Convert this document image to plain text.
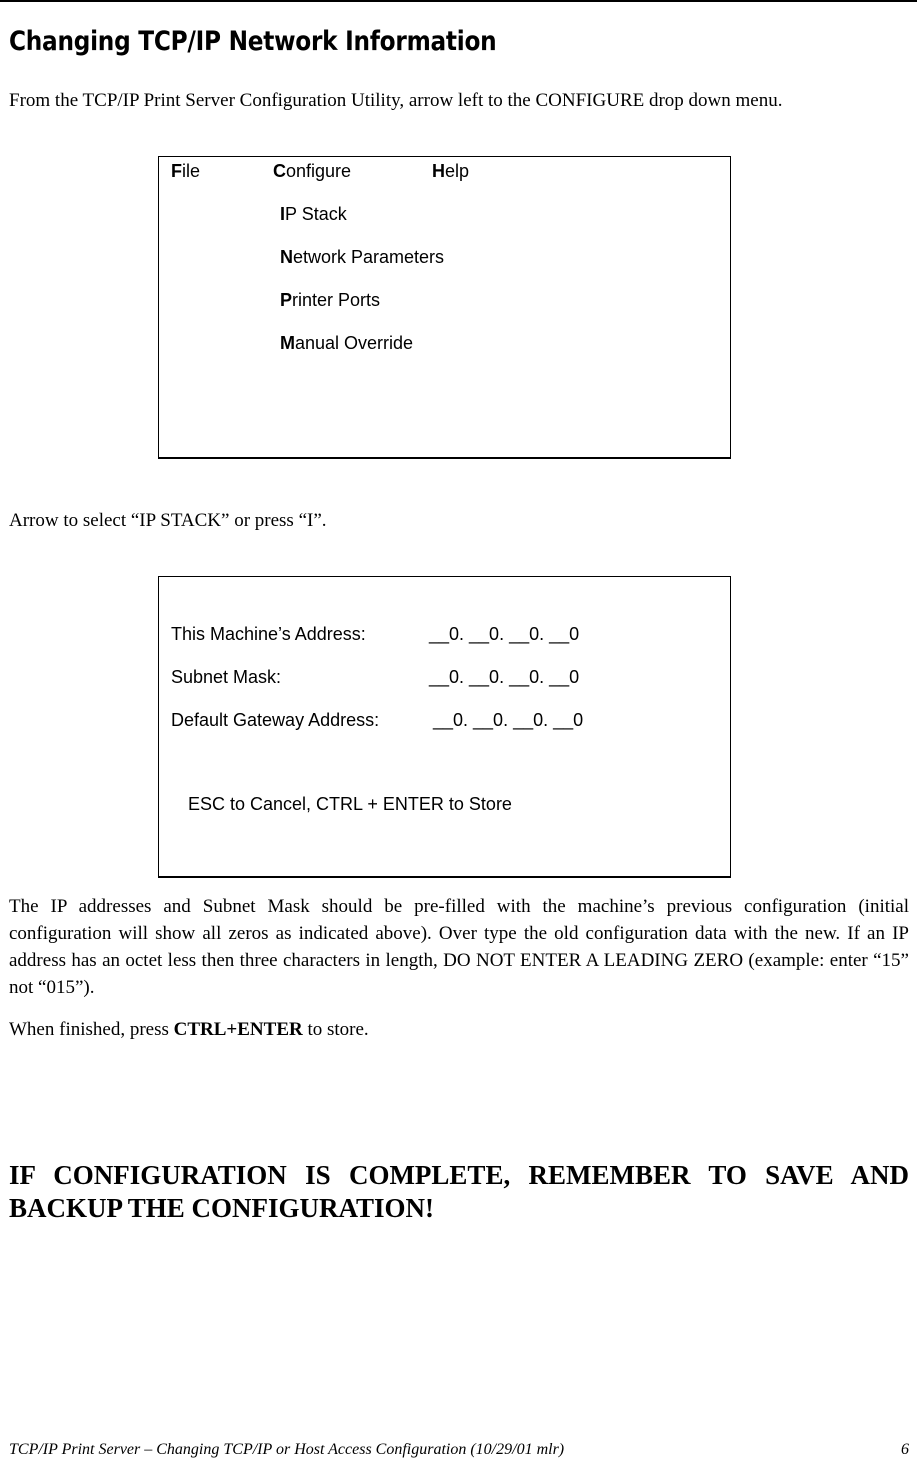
Changing TCP/IP Network Information

From the TCP/IP Print Server Configuration Utility, arrow left to the CONFIGURE drop down menu.

File	Configure	Help
IP Stack
Network Parameters
Printer Ports
Manual Override

Arrow to select “IP STACK” or press “I”.

This Machine’s Address:	__0. __0. __0. __0
Subnet Mask:	__0. __0. __0. __0
Default Gateway Address:	__0. __0. __0. __0
ESC to Cancel, CTRL + ENTER to Store

The IP addresses and Subnet Mask should be pre-filled with the machine’s previous configuration (initial configuration will show all zeros as indicated above). Over type the old configuration data with the new. If an IP address has an octet less then three characters in length, DO NOT ENTER A LEADING ZERO (example: enter “15” not “015”).

When finished, press CTRL+ENTER to store.

IF CONFIGURATION IS COMPLETE, REMEMBER TO SAVE AND BACKUP THE CONFIGURATION!

TCP/IP Print Server – Changing TCP/IP or Host Access Configuration (10/29/01 mlr)	6
